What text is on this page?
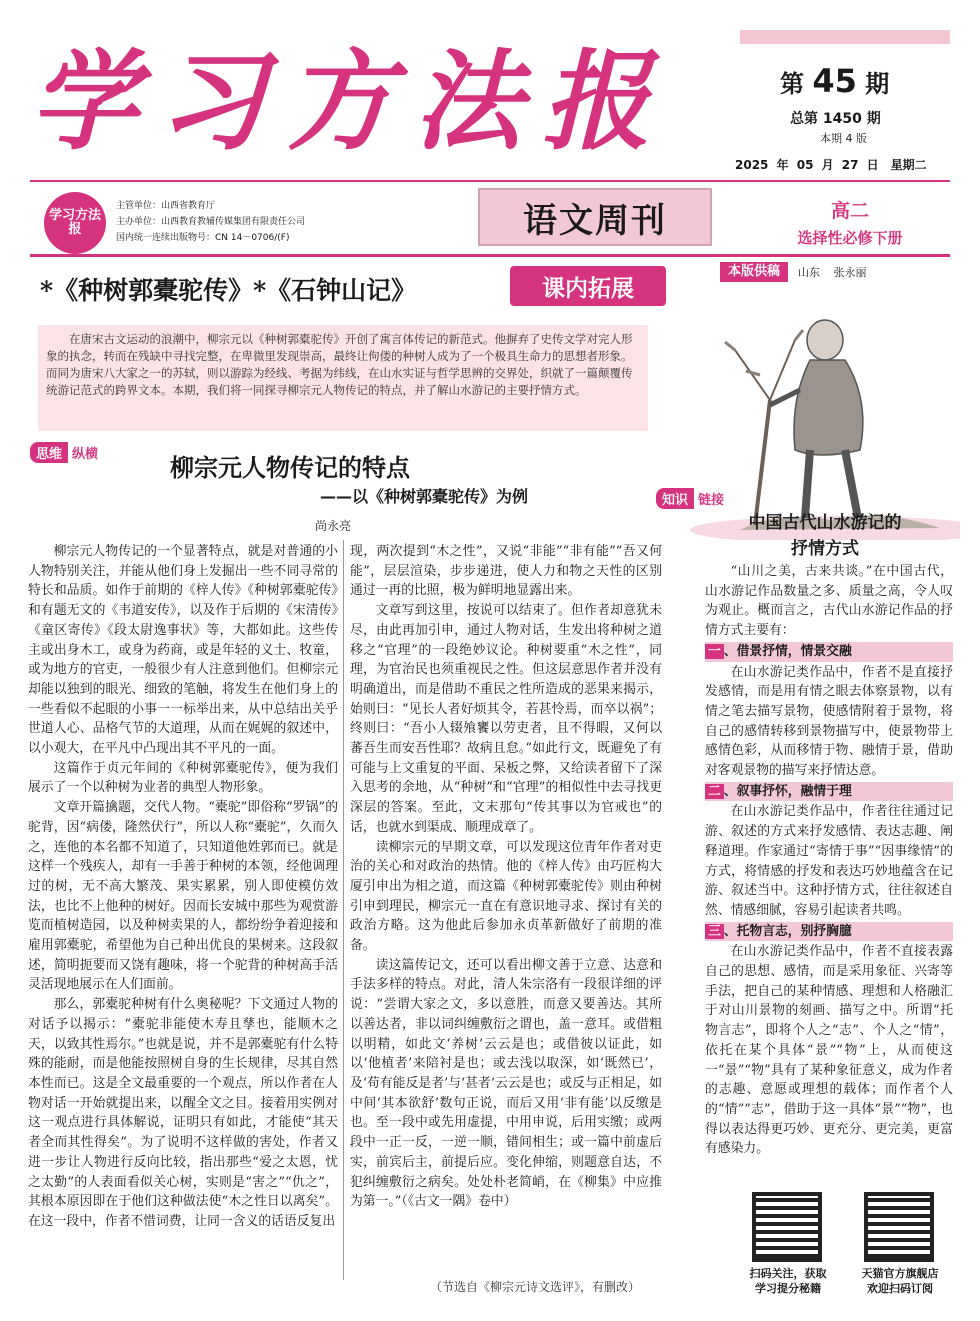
学习方法报	第 45 期
总第 1450 期
本期 4 版
2025 年 05 月 27 日　星期二
学习方法报
主管单位：山西省教育厅
主办单位：山西教育教辅传媒集团有限责任公司
国内统一连续出版物号：CN 14－0706/(F)	语文周刊	高二
选择性必修下册
本版供稿	山东 张永丽
*《种树郭橐驼传》*《石钟山记》	课内拓展
在唐宋古文运动的浪潮中，柳宗元以《种树郭橐驼传》开创了寓言体传记的新范式。他摒弃了史传文学对完人形象的执念，转而在残缺中寻找完整，在卑微里发现崇高，最终让佝偻的种树人成为了一个极具生命力的思想者形象。而同为唐宋八大家之一的苏轼，则以游踪为经线、考据为纬线，在山水实证与哲学思辨的交界处，织就了一篇颠覆传统游记范式的跨界文本。本期，我们将一同探寻柳宗元人物传记的特点，并了解山水游记的主要抒情方式。
思维 纵横	柳宗元人物传记的特点
——以《种树郭橐驼传》为例
尚永亮

柳宗元人物传记的一个显著特点，就是对普通的小人物特别关注，并能从他们身上发掘出一些不同寻常的特长和品质。如作于前期的《梓人传》《种树郭橐驼传》和有题无文的《韦道安传》，以及作于后期的《宋清传》《童区寄传》《段太尉逸事状》等，大都如此。这些传主或出身木工，或身为药商，或是年轻的义士、牧童，或为地方的官吏，一般很少有人注意到他们。但柳宗元却能以独到的眼光、细致的笔触，将发生在他们身上的一些看似不起眼的小事一一标举出来，从中总结出关乎世道人心、品格气节的大道理，从而在娓娓的叙述中，以小观大，在平凡中凸现出其不平凡的一面。

这篇作于贞元年间的《种树郭橐驼传》，便为我们展示了一个以种树为业者的典型人物形象。

文章开篇擒题，交代人物。“橐驼”即俗称“罗锅”的驼背，因“病偻，隆然伏行”，所以人称“橐驼”，久而久之，连他的本名都不知道了，只知道他姓郭而已。就是这样一个残疾人，却有一手善于种树的本领，经他调理过的树，无不高大繁茂、果实累累，别人即使模仿效法，也比不上他种的树好。因而长安城中那些为观赏游览而植树造园，以及种树卖果的人，都纷纷争着迎接和雇用郭橐驼，希望他为自己种出优良的果树来。这段叙述，简明扼要而又饶有趣味，将一个驼背的种树高手活灵活现地展示在人们面前。

那么，郭橐驼种树有什么奥秘呢？下文通过人物的对话予以揭示：“橐驼非能使木寿且孳也，能顺木之天，以致其性焉尔。”也就是说，并不是郭橐驼有什么特殊的能耐，而是他能按照树自身的生长规律，尽其自然本性而已。这是全文最重要的一个观点，所以作者在人物对话一开始就提出来，以醒全文之目。接着用实例对这一观点进行具体解说，证明只有如此，才能使“其天者全而其性得矣”。为了说明不这样做的害处，作者又进一步让人物进行反向比较，指出那些“爱之太恩，忧之太勤”的人表面看似关心树，实则是“害之”“仇之”，其根本原因即在于他们这种做法使“木之性日以离矣”。在这一段中，作者不惜词费，让同一含义的话语反复出

现，两次提到“木之性”，又说“非能”“非有能”“吾又何能”，层层渲染，步步递进，使人力和物之天性的区别通过一再的比照，极为鲜明地显露出来。

文章写到这里，按说可以结束了。但作者却意犹未尽，由此再加引申，通过人物对话，生发出将种树之道移之“官理”的一段绝妙议论。种树要重“木之性”，同理，为官治民也须重视民之性。但这层意思作者并没有明确道出，而是借助不重民之性所造成的恶果来揭示，始则曰：“见长人者好烦其令，若甚怜焉，而卒以祸”；终则曰：“吾小人辍飧饔以劳吏者，且不得暇，又何以蕃吾生而安吾性耶？故病且怠。”如此行文，既避免了有可能与上文重复的平面、呆板之弊，又给读者留下了深入思考的余地，从“种树”和“官理”的相似性中去寻找更深层的答案。至此，文末那句“传其事以为官戒也”的话，也就水到渠成、顺理成章了。

读柳宗元的早期文章，可以发现这位青年作者对吏治的关心和对政治的热情。他的《梓人传》由巧匠构大厦引申出为相之道，而这篇《种树郭橐驼传》则由种树引申到理民，柳宗元一直在有意识地寻求、探讨有关的政治方略。这为他此后参加永贞革新做好了前期的准备。

读这篇传记文，还可以看出柳文善于立意、达意和手法多样的特点。对此，清人朱宗洛有一段很详细的评说：“尝谓大家之文，多以意胜，而意又要善达。其所以善达者，非以词纠缠敷衍之谓也，盖一意耳。或借粗以明精，如此文‘养树’云云是也；或借彼以证此，如以‘他植者’来陪衬是也；或去浅以取深，如‘既然已’，及‘苟有能反是者’与‘甚者’云云是也；或反与正相足，如中间‘其本欲舒’数句正说，而后又用‘非有能’以反缴是也。至一段中或先用虚提，中用申说，后用实缴；或两段中一正一反，一逆一顺，错间相生；或一篇中前虚后实，前宾后主，前提后应。变化伸缩，则题意自达，不犯纠缠敷衍之病矣。处处朴老简峭，在《柳集》中应推为第一。”（《古文一隅》卷中）

（节选自《柳宗元诗文选评》，有删改）
知识 链接
中国古代山水游记的
抒情方式

“山川之美，古来共谈。”在中国古代，山水游记作品数量之多、质量之高，令人叹为观止。概而言之，古代山水游记作品的抒情方式主要有：

一 、借景抒情，情景交融

在山水游记类作品中，作者不是直接抒发感情，而是用有情之眼去体察景物，以有情之笔去描写景物，使感情附着于景物，将自己的感情转移到景物描写中，使景物带上感情色彩，从而移情于物、融情于景，借助对客观景物的描写来抒情达意。

二 、叙事抒怀，融情于理

在山水游记类作品中，作者往往通过记游、叙述的方式来抒发感情、表达志趣、阐释道理。作家通过“寄情于事”“因事缘情”的方式，将情感的抒发和表达巧妙地蕴含在记游、叙述当中。这种抒情方式，往往叙述自然、情感细腻，容易引起读者共鸣。

三 、托物言志，别抒胸臆

在山水游记类作品中，作者不直接表露自己的思想、感情，而是采用象征、兴寄等手法，把自己的某种情感、理想和人格融汇于对山川景物的刻画、描写之中。所谓“托物言志”，即将个人之“志”、个人之“情”，依托在某个具体“景”“物”上，从而使这一“景”“物”具有了某种象征意义，成为作者的志趣、意愿或理想的载体；而作者个人的“情”“志”，借助于这一具体“景”“物”，也得以表达得更巧妙、更充分、更完美，更富有感染力。

扫码关注，获取
学习提分秘籍
天猫官方旗舰店
欢迎扫码订阅
